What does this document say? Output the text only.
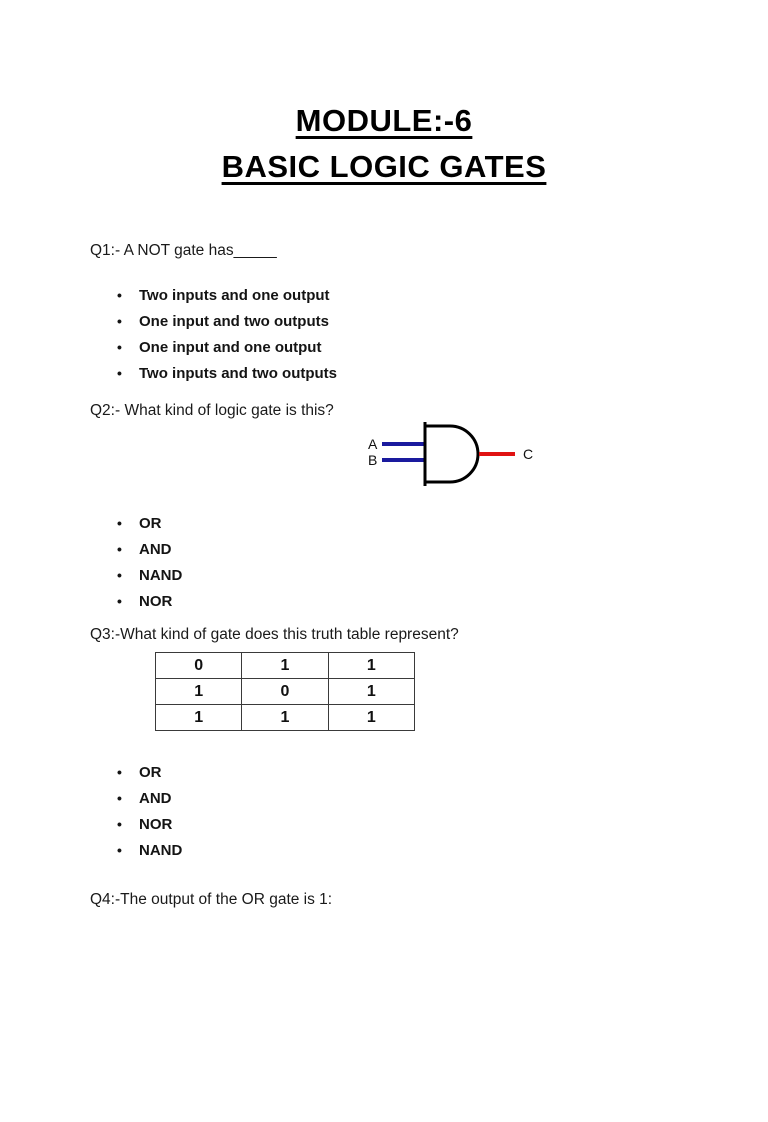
MODULE:-6
BASIC LOGIC GATES

Q1:- A NOT gate has_____

•	Two inputs and one output
•	One input and two outputs
•	One input and one output
•	Two inputs and two outputs

Q2:- What kind of logic gate is this?

A
B	C
•	OR
•	AND
•	NAND
•	NOR

Q3:-What kind of gate does this truth table represent?

0	1	1
1	0	1
1	1	1
•	OR
•	AND
•	NOR
•	NAND

Q4:-The output of the OR gate is 1:
